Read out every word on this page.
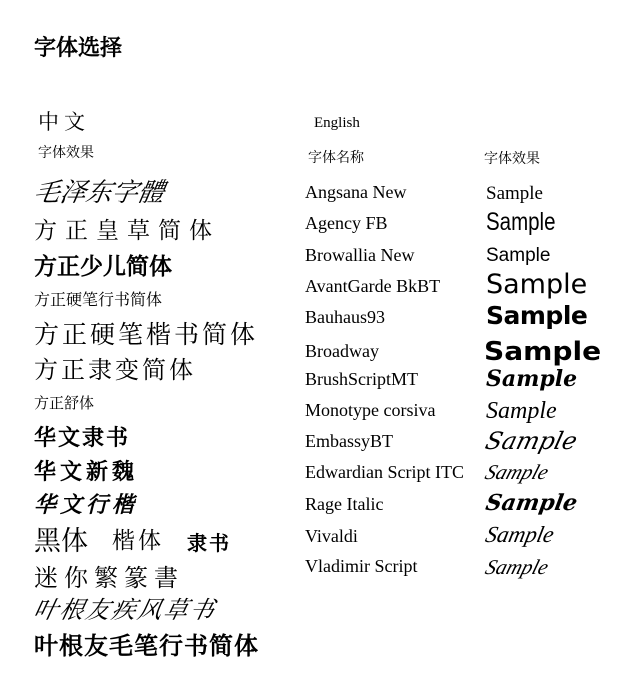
字体选择
中文
字体效果
毛泽东字體
方正皇草简体
方正少儿简体
方正硬笔行书简体
方正硬笔楷书简体
方正隶变简体
方正舒体
华文隶书
华文新魏
华文行楷
黑体 楷体 隶书
迷你繁篆書
叶根友疾风草书
叶根友毛笔行书简体
English
字体名称	字体效果
Angsana New
Agency FB
Browallia New
AvantGarde BkBT
Bauhaus93
Broadway
BrushScriptMT
Monotype corsiva
EmbassyBT
Edwardian Script ITC
Rage Italic
Vivaldi
Vladimir Script
Sample
Sample
Sample
Sample
Sample
Sample
Sample
Sample
Sample
Sample
Sample
Sample
Sample
